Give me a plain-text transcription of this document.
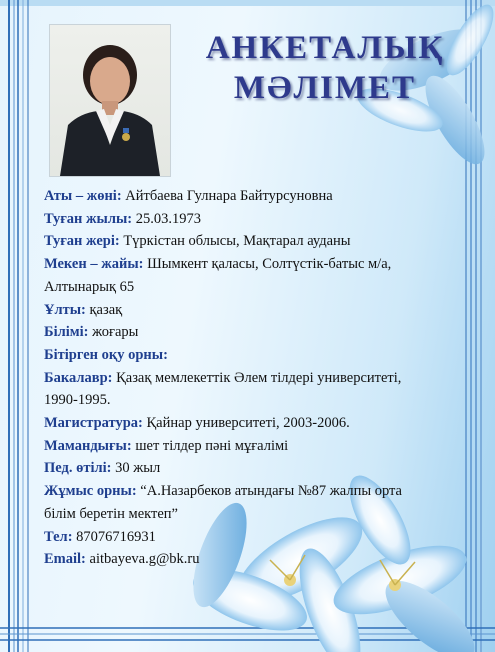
АНКЕТАЛЫҚ
МӘЛІМЕТ
Аты – жөні: Айтбаева Гулнара Байтурсуновна
Туған жылы: 25.03.1973
Туған жері: Түркістан облысы, Мақтарал ауданы
Мекен – жайы: Шымкент қаласы, Солтүстік-батыс м/а,
Алтынарық 65
Ұлты: қазақ
Білімі: жоғары
Бітірген оқу орны:
Бакалавр: Қазақ мемлекеттік Әлем тілдері университеті,
1990-1995.
Магистратура: Қайнар университеті, 2003-2006.
Мамандығы: шет тілдер пәні мұғалімі
Пед. өтілі: 30 жыл
Жұмыс орны: “А.Назарбеков атындағы №87 жалпы орта
білім беретін мектеп”
Тел: 87076716931
Email: aitbayeva.g@bk.ru
